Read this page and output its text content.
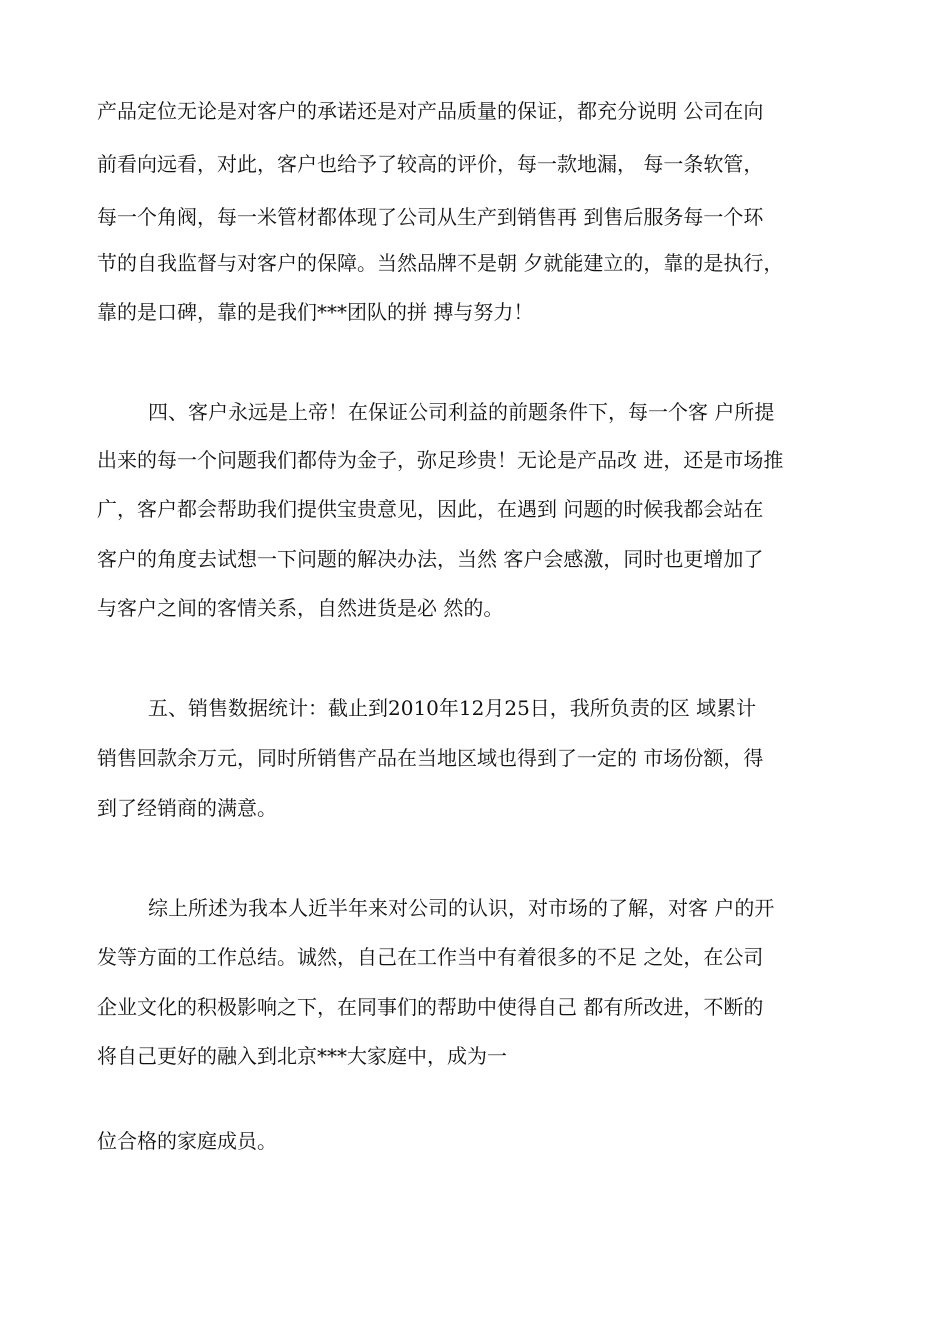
产品定位无论是对客户的承诺还是对产品质量的保证，都充分说明 公司在向
前看向远看，对此，客户也给予了较高的评价，每一款地漏， 每一条软管，
每一个角阀，每一米管材都体现了公司从生产到销售再 到售后服务每一个环
节的自我监督与对客户的保障。当然品牌不是朝 夕就能建立的，靠的是执行，
靠的是口碑，靠的是我们***团队的拼 搏与努力！
四、客户永远是上帝！在保证公司利益的前题条件下，每一个客 户所提
出来的每一个问题我们都侍为金子，弥足珍贵！无论是产品改 进，还是市场推
广，客户都会帮助我们提供宝贵意见，因此，在遇到 问题的时候我都会站在
客户的角度去试想一下问题的解决办法，当然 客户会感激，同时也更增加了
与客户之间的客情关系，自然进货是必 然的。
五、销售数据统计：截止到2010年12月25日，我所负责的区 域累计
销售回款余万元，同时所销售产品在当地区域也得到了一定的 市场份额，得
到了经销商的满意。
综上所述为我本人近半年来对公司的认识，对市场的了解，对客 户的开
发等方面的工作总结。诚然，自己在工作当中有着很多的不足 之处，在公司
企业文化的积极影响之下，在同事们的帮助中使得自己 都有所改进，不断的
将自己更好的融入到北京***大家庭中，成为一
位合格的家庭成员。
